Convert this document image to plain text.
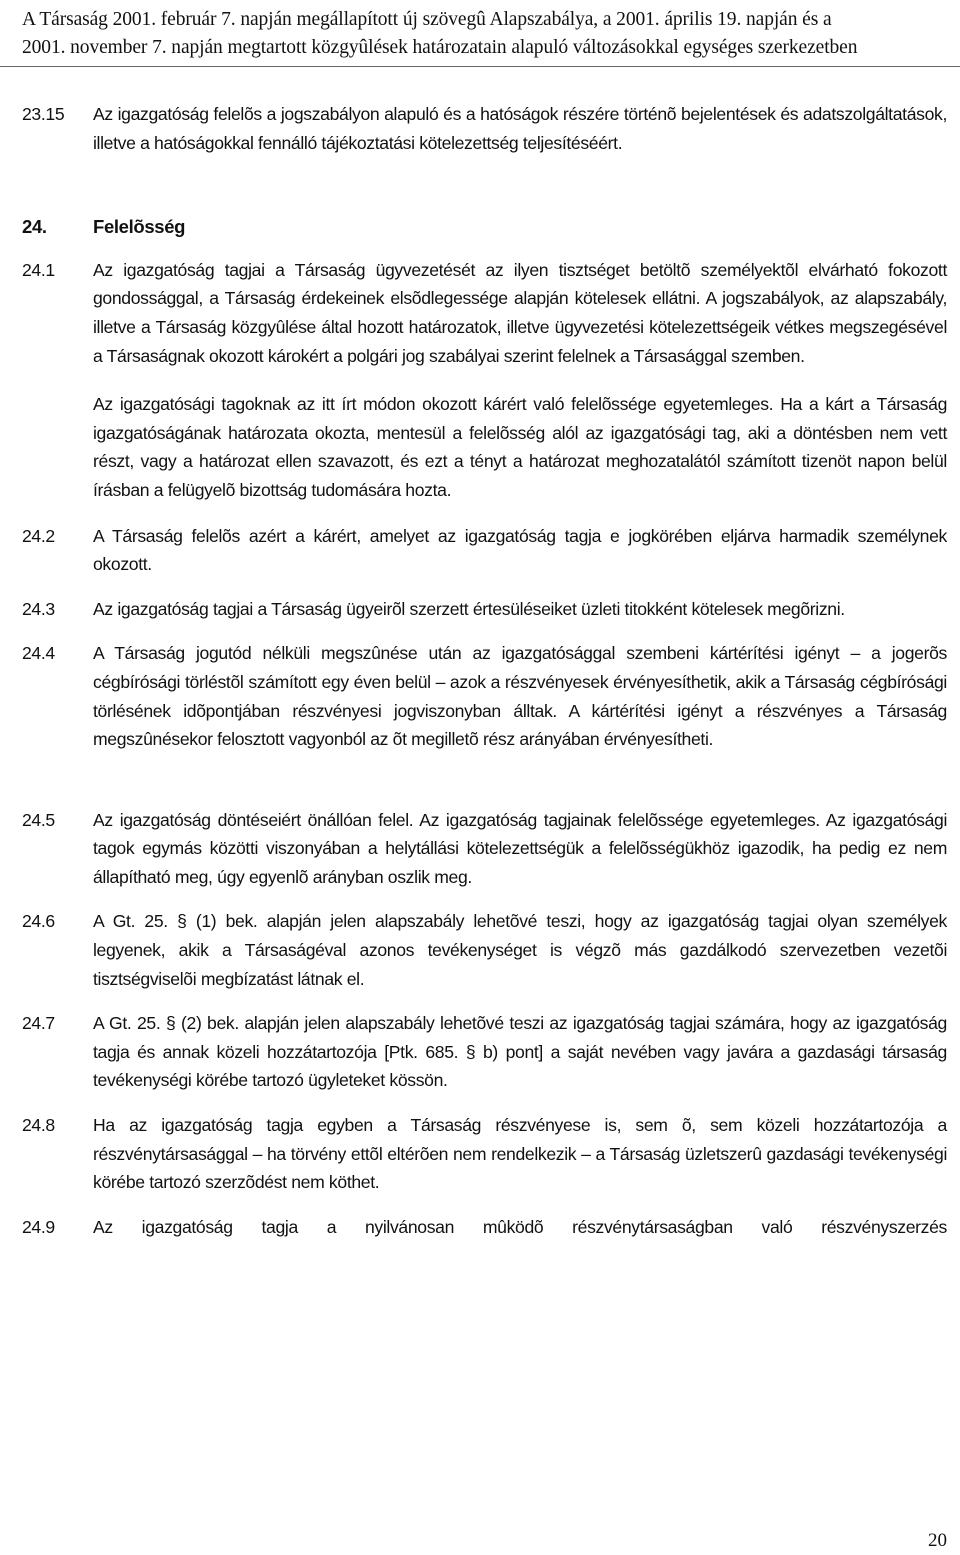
A Társaság 2001. február 7. napján megállapított új szövegû Alapszabálya, a 2001. április 19. napján és a
2001. november 7. napján megtartott közgyûlések határozatain alapuló változásokkal egységes szerkezetben
23.15	Az igazgatóság felelõs a jogszabályon alapuló és a hatóságok részére történõ bejelentések és adatszolgáltatások, illetve a hatóságokkal fennálló tájékoztatási kötelezettség teljesítéséért.

24.	Felelõsség

24.1	Az igazgatóság tagjai a Társaság ügyvezetését az ilyen tisztséget betöltõ személyektõl elvárható fokozott gondossággal, a Társaság érdekeinek elsõdlegessége alapján kötelesek ellátni. A jogszabályok, az alapszabály, illetve a Társaság közgyûlése által hozott határozatok, illetve ügyvezetési kötelezettségeik vétkes megszegésével a Társaságnak okozott károkért a polgári jog szabályai szerint felelnek a Társasággal szemben.

Az igazgatósági tagoknak az itt írt módon okozott kárért való felelõssége egyetemleges. Ha a kárt a Társaság igazgatóságának határozata okozta, mentesül a felelõsség alól az igazgatósági tag, aki a döntésben nem vett részt, vagy a határozat ellen szavazott, és ezt a tényt a határozat meghozatalától számított tizenöt napon belül írásban a felügyelõ bizottság tudomására hozta.

24.2	A Társaság felelõs azért a kárért, amelyet az igazgatóság tagja e jogkörében eljárva harmadik személynek okozott.

24.3	Az igazgatóság tagjai a Társaság ügyeirõl szerzett értesüléseiket üzleti titokként kötelesek megõrizni.

24.4	A Társaság jogutód nélküli megszûnése után az igazgatósággal szembeni kártérítési igényt – a jogerõs cégbírósági törléstõl számított egy éven belül – azok a részvényesek érvényesíthetik, akik a Társaság cégbírósági törlésének idõpontjában részvényesi jogviszonyban álltak. A kártérítési igényt a részvényes a Társaság megszûnésekor felosztott vagyonból az õt megilletõ rész arányában érvényesítheti.

24.5	Az igazgatóság döntéseiért önállóan felel. Az igazgatóság tagjainak felelõssége egyetemleges. Az igazgatósági tagok egymás közötti viszonyában a helytállási kötelezettségük a felelõsségükhöz igazodik, ha pedig ez nem állapítható meg, úgy egyenlõ arányban oszlik meg.

24.6	A Gt. 25. § (1) bek. alapján jelen alapszabály lehetõvé teszi, hogy az igazgatóság tagjai olyan személyek legyenek, akik a Társaságéval azonos tevékenységet is végzõ más gazdálkodó szervezetben vezetõi tisztségviselõi megbízatást látnak el.

24.7	A Gt. 25. § (2) bek. alapján jelen alapszabály lehetõvé teszi az igazgatóság tagjai számára, hogy az igazgatóság tagja és annak közeli hozzátartozója [Ptk. 685. § b) pont] a saját nevében vagy javára a gazdasági társaság tevékenységi körébe tartozó ügyleteket kössön.

24.8	Ha az igazgatóság tagja egyben a Társaság részvényese is, sem õ, sem közeli hozzátartozója a részvénytársasággal – ha törvény ettõl eltérõen nem rendelkezik – a Társaság üzletszerû gazdasági tevékenységi körébe tartozó szerzõdést nem köthet.

24.9	Az igazgatóság tagja a nyilvánosan mûködõ részvénytársaságban való részvényszerzés

20
